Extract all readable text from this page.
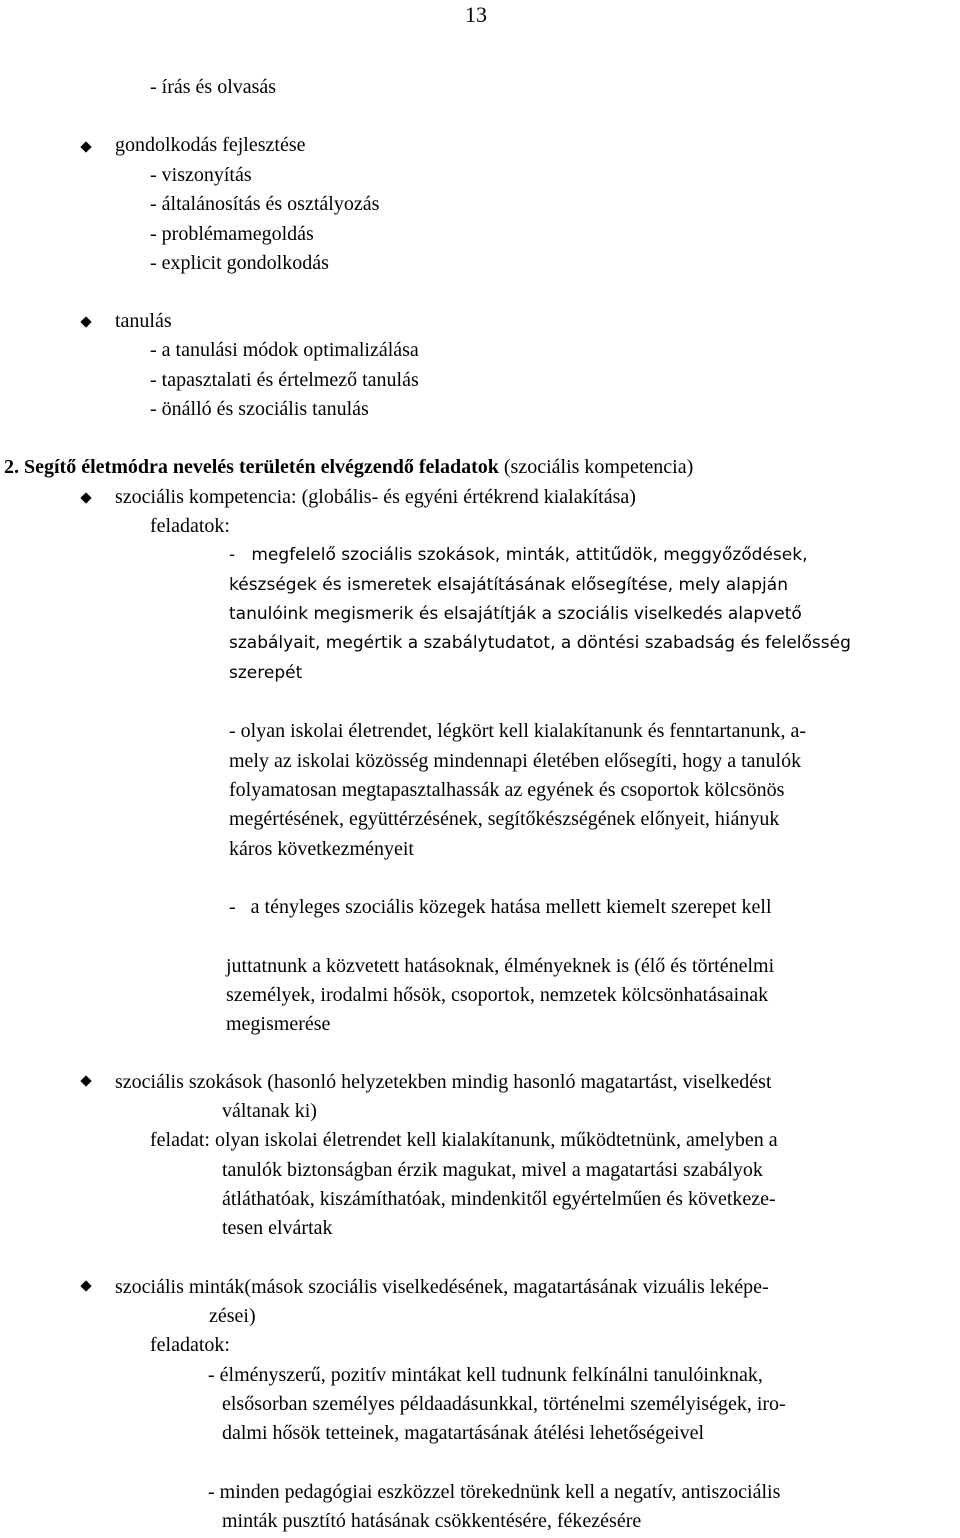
13
- írás és olvasás
gondolkodás fejlesztése
- viszonyítás
- általánosítás és osztályozás
- problémamegoldás
- explicit gondolkodás
tanulás
- a tanulási módok optimalizálása
- tapasztalati és értelmező tanulás
- önálló és szociális tanulás
2. Segítő életmódra nevelés területén elvégzendő feladatok (szociális kompetencia)
szociális kompetencia: (globális- és egyéni értékrend kialakítása)
feladatok:
-   megfelelő szociális szokások, minták, attitűdök, meggyőződések,
készségek és ismeretek elsajátításának elősegítése, mely alapján
tanulóink megismerik és elsajátítják a szociális viselkedés alapvető
szabályait, megértik a szabálytudatot, a döntési szabadság és felelősség
szerepét
- olyan iskolai életrendet, légkört kell kialakítanunk és fenntartanunk, a-
mely az iskolai közösség mindennapi életében elősegíti, hogy a tanulók
folyamatosan megtapasztalhassák az egyének és csoportok kölcsönös
megértésének, együttérzésének, segítőkészségének előnyeit, hiányuk
káros következményeit
-   a tényleges szociális közegek hatása mellett kiemelt szerepet kell
juttatnunk a közvetett hatásoknak, élményeknek is (élő és történelmi
személyek, irodalmi hősök, csoportok, nemzetek kölcsönhatásainak
megismerése
szociális szokások (hasonló helyzetekben mindig hasonló magatartást, viselkedést
váltanak ki)
feladat: olyan iskolai életrendet kell kialakítanunk, működtetnünk, amelyben a
tanulók biztonságban érzik magukat, mivel a magatartási szabályok
átláthatóak, kiszámíthatóak, mindenkitől egyértelműen és következe-
tesen elvártak
szociális minták(mások szociális viselkedésének, magatartásának vizuális leképe-
zései)
feladatok:
- élményszerű, pozitív mintákat kell tudnunk felkínálni tanulóinknak,
elsősorban személyes példaadásunkkal, történelmi személyiségek, iro-
dalmi hősök tetteinek, magatartásának átélési lehetőségeivel
- minden pedagógiai eszközzel törekednünk kell a negatív, antiszociális
minták pusztító hatásának csökkentésére, fékezésére
